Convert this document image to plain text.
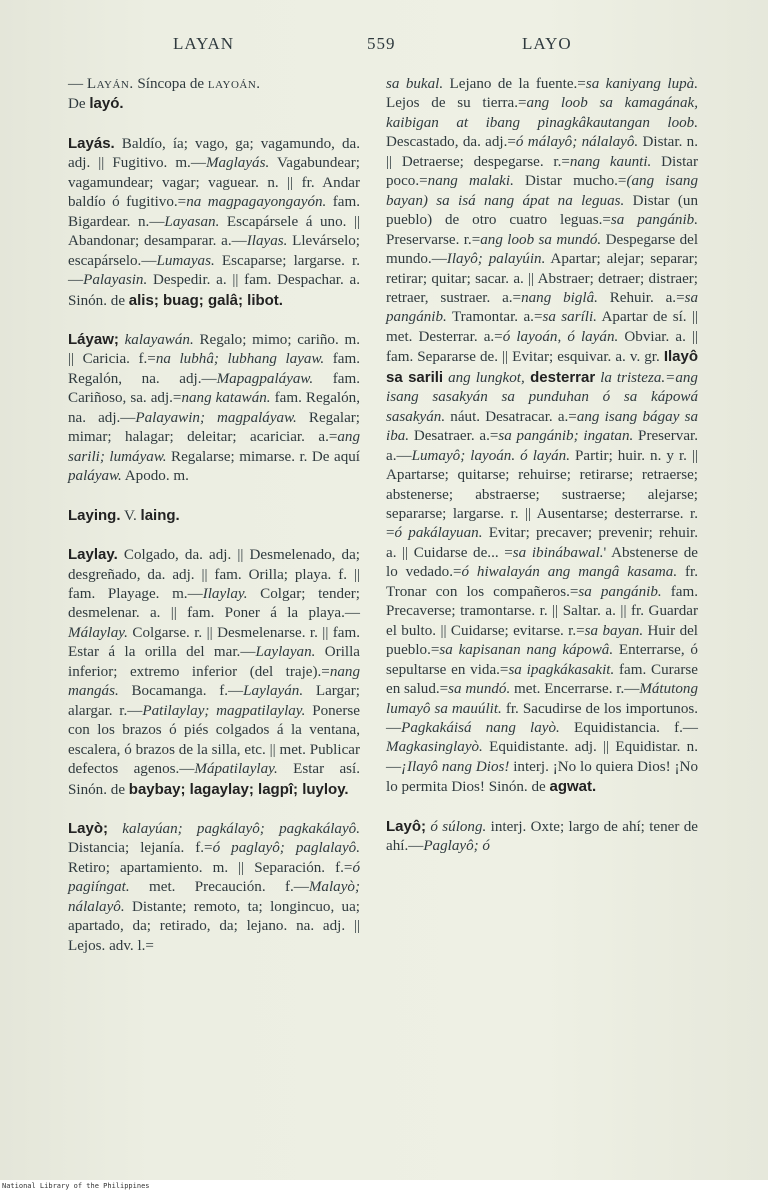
LAYAN	559	LAYO

— Layán. Síncopa de layoán.
De layó.

Layás. Baldío, ía; vago, ga; vagamundo, da. adj. || Fugitivo. m.—Maglayás. Vagabundear; vagamundear; vagar; vaguear. n. || fr. Andar baldío ó fugitivo.=na magpagayongayón. fam. Bigardear. n.—Layasan. Escapársele á uno. || Abandonar; desamparar. a.—Ilayas. Llevárselo; escapárselo.—Lumayas. Escaparse; largarse. r.—Palayasin. Despedir. a. || fam. Despachar. a. Sinón. de alis; buag; galâ; libot.

Láyaw; kalayawán. Regalo; mimo; cariño. m. || Caricia. f.=na lubhâ; lubhang layaw. fam. Regalón, na. adj.—Mapagpaláyaw. fam. Cariñoso, sa. adj.=nang katawán. fam. Regalón, na. adj.—Palayawin; magpaláyaw. Regalar; mimar; halagar; deleitar; acariciar. a.=ang sarili; lumáyaw. Regalarse; mimarse. r. De aquí paláyaw. Apodo. m.

Laying. V. laing.

Laylay. Colgado, da. adj. || Desmelenado, da; desgreñado, da. adj. || fam. Orilla; playa. f. || fam. Playage. m.—Ilaylay. Colgar; tender; desmelenar. a. || fam. Poner á la playa.—Málaylay. Colgarse. r. || Desmelenarse. r. || fam. Estar á la orilla del mar.—Laylayan. Orilla inferior; extremo inferior (del traje).=nang mangás. Bocamanga. f.—Laylayán. Largar; alargar. r.—Patilaylay; magpatilaylay. Ponerse con los brazos ó piés colgados á la ventana, escalera, ó brazos de la silla, etc. || met. Publicar defectos agenos.—Mápatilaylay. Estar así. Sinón. de baybay; lagaylay; lagpî; luyloy.

Layò; kalayúan; pagkálayô; pagkakálayô. Distancia; lejanía. f.=ó paglayô; paglalayô. Retiro; apartamiento. m. || Separación. f.=ó pagiíngat. met. Precaución. f.—Malayò; nálalayô. Distante; remoto, ta; longincuo, ua; apartado, da; retirado, da; lejano. na. adj. || Lejos. adv. l.=

sa bukal. Lejano de la fuente.=sa kaniyang lupà. Lejos de su tierra.=ang loob sa kamagának, kaibigan at ibang pinagkâkautangan loob. Descastado, da. adj.=ó málayô; nálalayô. Distar. n. || Detraerse; despegarse. r.=nang kaunti. Distar poco.=nang malaki. Distar mucho.=(ang isang bayan) sa isá nang ápat na leguas. Distar (un pueblo) de otro cuatro leguas.=sa pangánib. Preservarse. r.=ang loob sa mundó. Despegarse del mundo.—Ilayô; palayúin. Apartar; alejar; separar; retirar; quitar; sacar. a. || Abstraer; detraer; distraer; retraer, sustraer. a.=nang biglâ. Rehuir. a.=sa pangánib. Tramontar. a.=sa saríli. Apartar de sí. || met. Desterrar. a.=ó layoán, ó layán. Obviar. a. || fam. Separarse de. || Evitar; esquivar. a. v. gr. Ilayô sa sarili ang lungkot, desterrar la tristeza.=ang isang sasakyán sa punduhan ó sa kápowá sasakyán. náut. Desatracar. a.=ang isang bágay sa iba. Desatraer. a.=sa pangánib; ingatan. Preservar. a.—Lumayô; layoán. ó layán. Partir; huir. n. y r. || Apartarse; quitarse; rehuirse; retirarse; retraerse; abstenerse; abstraerse; sustraerse; alejarse; separarse; largarse. r. || Ausentarse; desterrarse. r. =ó pakálayuan. Evitar; precaver; prevenir; rehuir. a. || Cuidarse de... =sa ibinábawal.' Abstenerse de lo vedado.=ó hiwalayán ang mangâ kasama. fr. Tronar con los compañeros.=sa pangánib. fam. Precaverse; tramontarse. r. || Saltar. a. || fr. Guardar el bulto. || Cuidarse; evitarse. r.=sa bayan. Huir del pueblo.=sa kapisanan nang kápowâ. Enterrarse, ó sepultarse en vida.=sa ipagkákasakit. fam. Curarse en salud.=sa mundó. met. Encerrarse. r.—Mátutong lumayô sa mauúlit. fr. Sacudirse de los importunos.—Pagkakáisá nang layò. Equidistancia. f.—Magkasinglayò. Equidistante. adj. || Equidistar. n.—¡Ilayô nang Dios! interj. ¡No lo quiera Dios! ¡No lo permita Dios! Sinón. de agwat.

Layô; ó súlong. interj. Oxte; largo de ahí; tener de ahí.—Paglayô; ó

National Library of the Philippines
